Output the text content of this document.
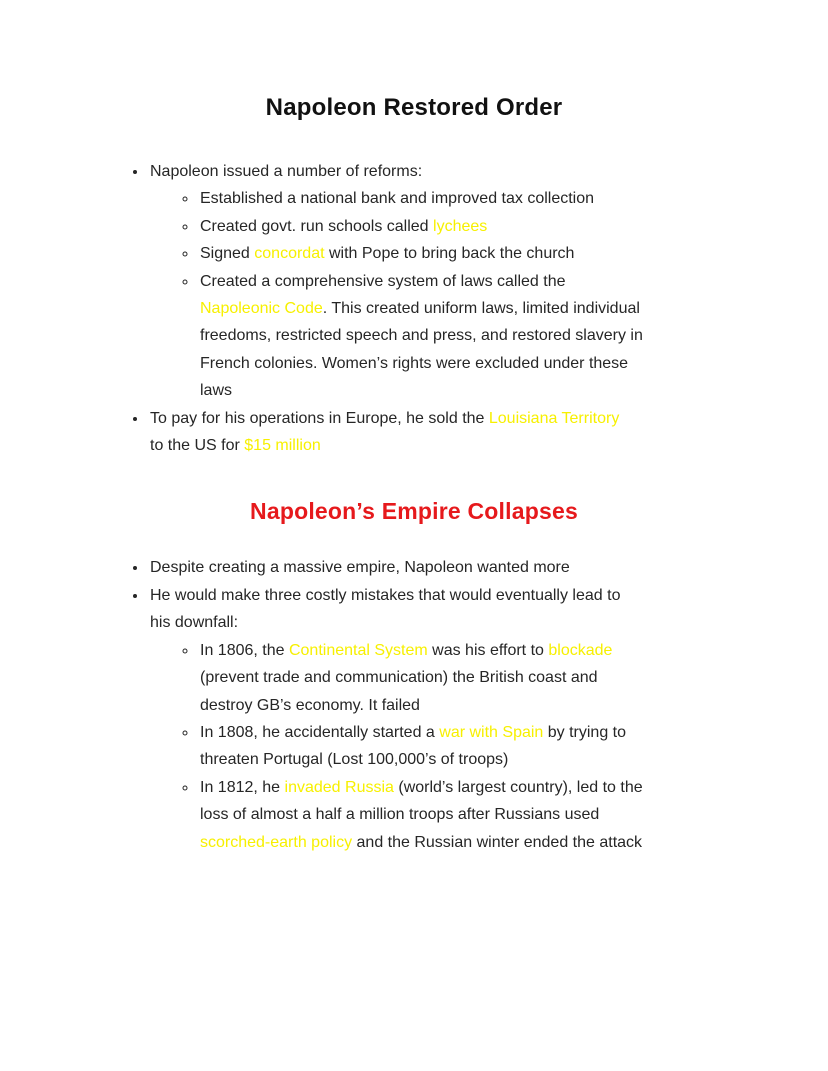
Napoleon Restored Order
• Napoleon issued a number of reforms:
◦ Established a national bank and improved tax collection
◦ Created govt. run schools called lychees
◦ Signed concordat with Pope to bring back the church
◦ Created a comprehensive system of laws called the
Napoleonic Code. This created uniform laws, limited individual
freedoms, restricted speech and press, and restored slavery in
French colonies. Women’s rights were excluded under these
laws
• To pay for his operations in Europe, he sold the Louisiana Territory
to the US for $15 million
Napoleon’s Empire Collapses
• Despite creating a massive empire, Napoleon wanted more
• He would make three costly mistakes that would eventually lead to
his downfall:
◦ In 1806, the Continental System was his effort to blockade
(prevent trade and communication) the British coast and
destroy GB’s economy. It failed
◦ In 1808, he accidentally started a war with Spain by trying to
threaten Portugal (Lost 100,000’s of troops)
◦ In 1812, he invaded Russia (world’s largest country), led to the
loss of almost a half a million troops after Russians used
scorched-earth policy and the Russian winter ended the attack
